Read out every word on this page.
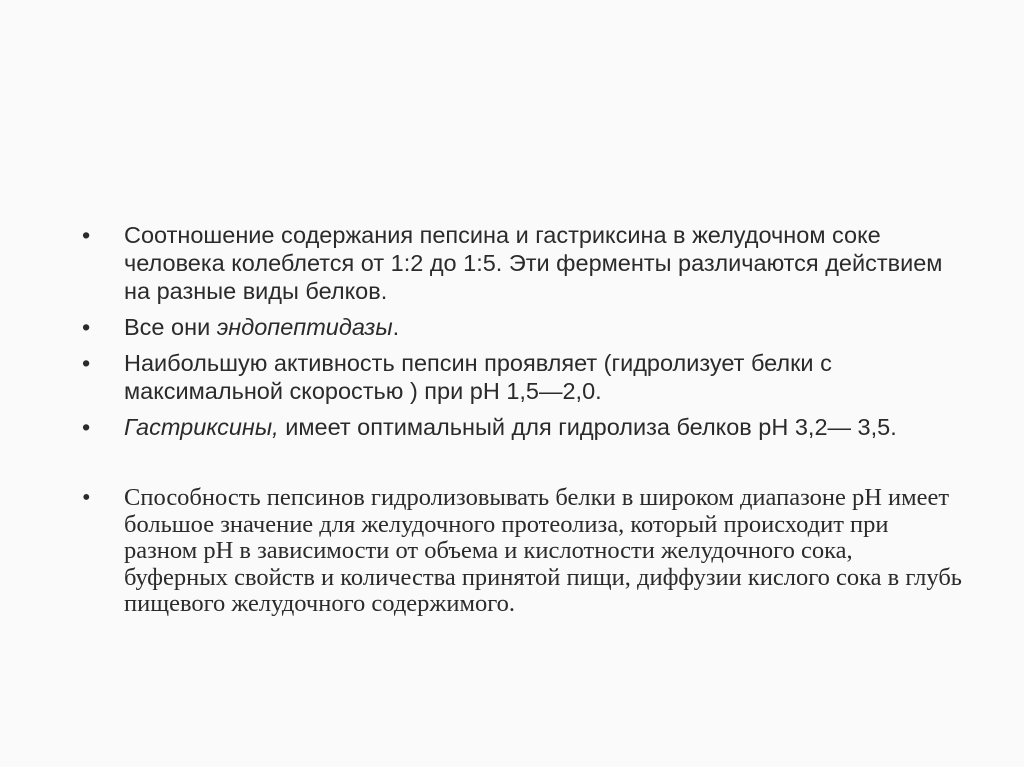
• Соотношение содержания пепсина и гастриксина в желудочном соке человека колеблется от 1:2 до 1:5. Эти ферменты различаются действием на разные виды белков.
• Все они эндопептидазы.
• Наибольшую активность пепсин проявляет (гидролизует белки с максимальной скоростью ) при рН 1,5—2,0.
• Гастриксины, имеет оптимальный для гидролиза белков рН 3,2— 3,5.
• Способность пепсинов гидролизовывать белки в широком диапазоне рН имеет большое значение для желудочного протеолиза, который происходит при разном рН в зависимости от объема и кислотности желудочного сока, буферных свойств и количества принятой пищи, диффузии кислого сока в глубь пищевого желудочного содержимого.
